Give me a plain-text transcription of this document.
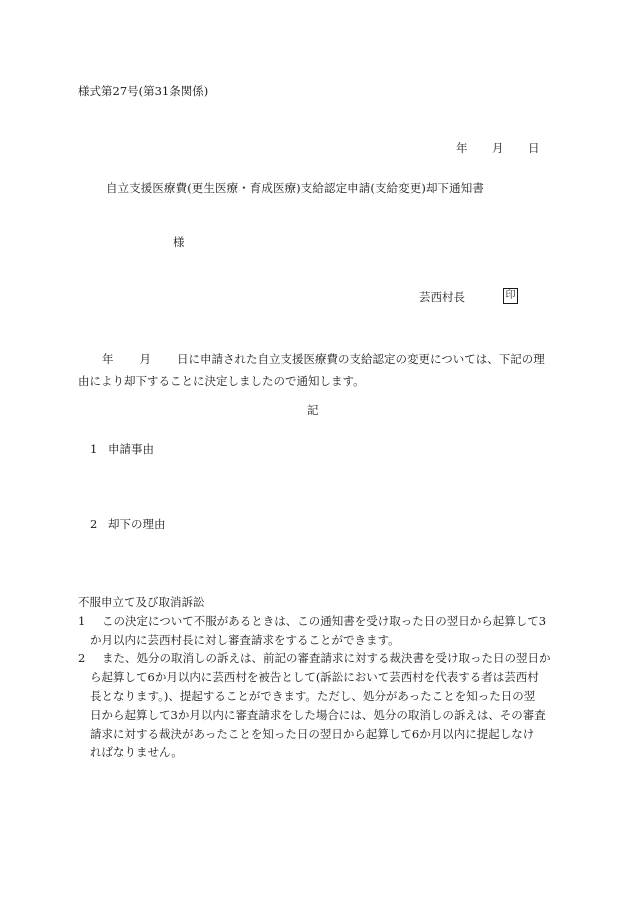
様式第27号(第31条関係)
年 月 日
自立支援医療費(更生医療・育成医療)支給認定申請(支給変更)却下通知書
様
芸西村長	印
年 月 日に申請された自立支援医療費の支給認定の変更については、下記の理
由により却下することに決定しましたので通知します。
記
1 申請事由
2 却下の理由
不服申立て及び取消訴訟
1	この決定について不服があるときは、この通知書を受け取った日の翌日から起算して3
か月以内に芸西村長に対し審査請求をすることができます。
2	また、処分の取消しの訴えは、前記の審査請求に対する裁決書を受け取った日の翌日か
ら起算して6か月以内に芸西村を被告として(訴訟において芸西村を代表する者は芸西村
長となります。)、提起することができます。ただし、処分があったことを知った日の翌
日から起算して3か月以内に審査請求をした場合には、処分の取消しの訴えは、その審査
請求に対する裁決があったことを知った日の翌日から起算して6か月以内に提起しなけ
ればなりません。
